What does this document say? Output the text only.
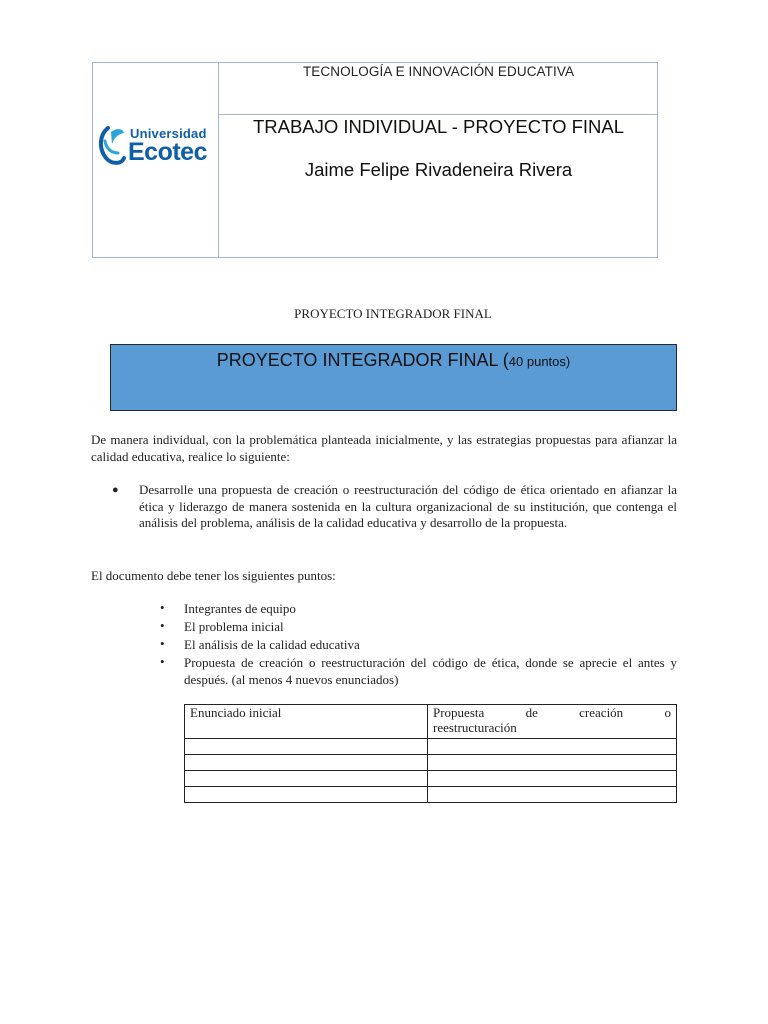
Universidad
Ecotec
TECNOLOGÍA E INNOVACIÓN EDUCATIVA
TRABAJO INDIVIDUAL - PROYECTO FINAL
Jaime Felipe Rivadeneira Rivera
PROYECTO INTEGRADOR FINAL
PROYECTO INTEGRADOR FINAL (40 puntos)
De manera individual, con la problemática planteada inicialmente, y las estrategias propuestas para afianzar la calidad educativa, realice lo siguiente:
● Desarrolle una propuesta de creación o reestructuración del código de ética orientado en afianzar la ética y liderazgo de manera sostenida en la cultura organizacional de su institución, que contenga el análisis del problema, análisis de la calidad educativa y desarrollo de la propuesta.
El documento debe tener los siguientes puntos:
• Integrantes de equipo
• El problema inicial
• El análisis de la calidad educativa
• Propuesta de creación o reestructuración del código de ética, donde se aprecie el antes y después. (al menos 4 nuevos enunciados)
Enunciado inicial	Propuesta de creación o
reestructuración
